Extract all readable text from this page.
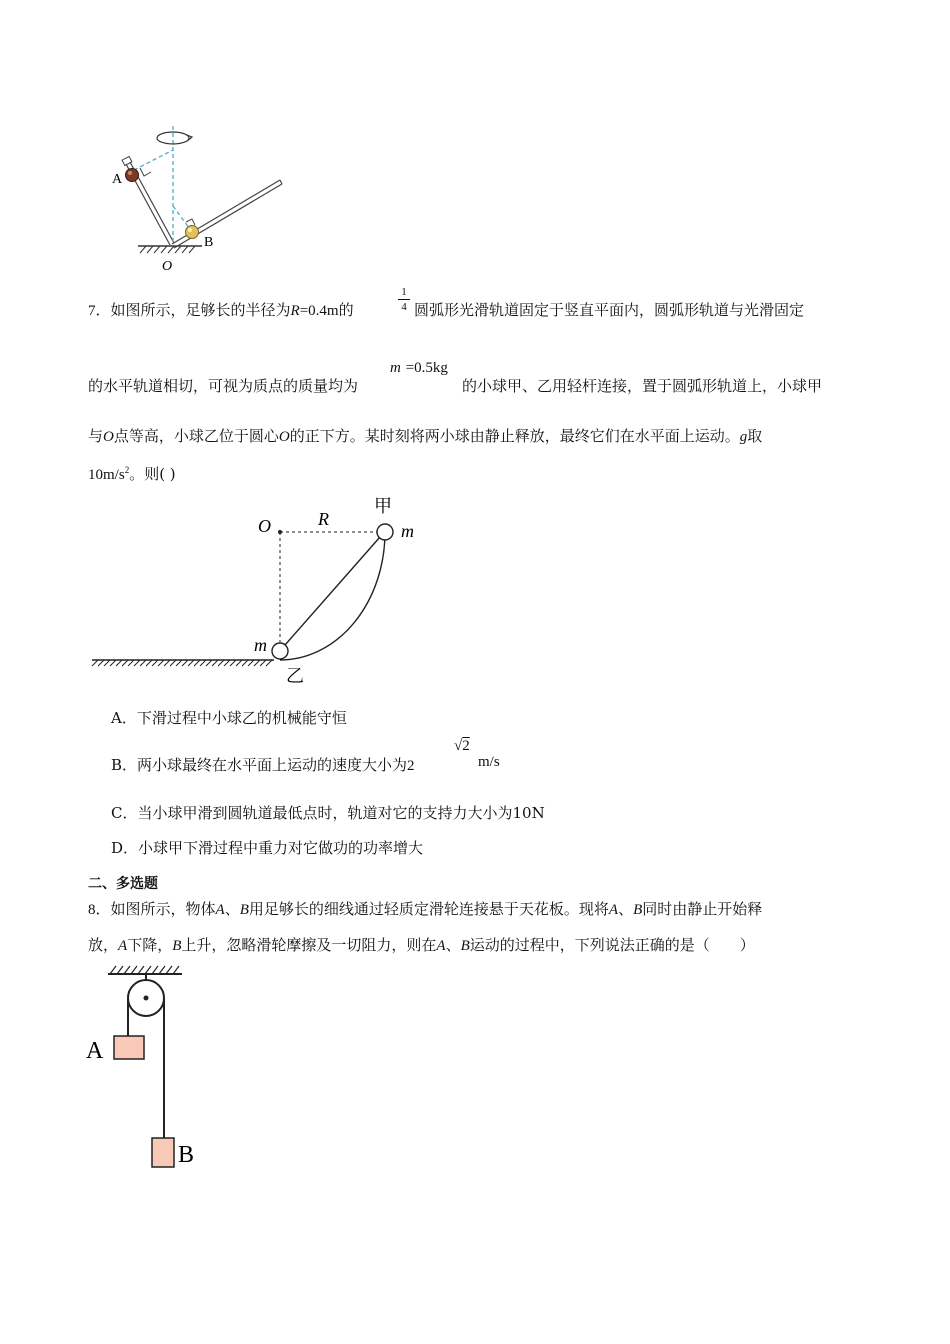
A
B
O
7．如图所示，足够长的半径为R=0.4m的
1
4 圆弧形光滑轨道固定于竖直平面内，圆弧形轨道与光滑固定
m =0.5kg
的水平轨道相切，可视为质点的质量均为	的小球甲、乙用轻杆连接，置于圆弧形轨道上，小球甲
与O点等高，小球乙位于圆心O的正下方。某时刻将两小球由静止释放，最终它们在水平面上运动。g取
$10m/s^2$。则( )
O	R
甲
m
m
乙
A．下滑过程中小球乙的机械能守恒
B．两小球最终在水平面上运动的速度大小为2
√2
m/s
C．当小球甲滑到圆轨道最低点时，轨道对它的支持力大小为10N
D．小球甲下滑过程中重力对它做功的功率增大
二、多选题
8．如图所示，物体A、B用足够长的细线通过轻质定滑轮连接悬于天花板。现将A、B同时由静止开始释
放，A下降，B上升，忽略滑轮摩擦及一切阻力，则在A、B运动的过程中，下列说法正确的是（　　）
A
B
